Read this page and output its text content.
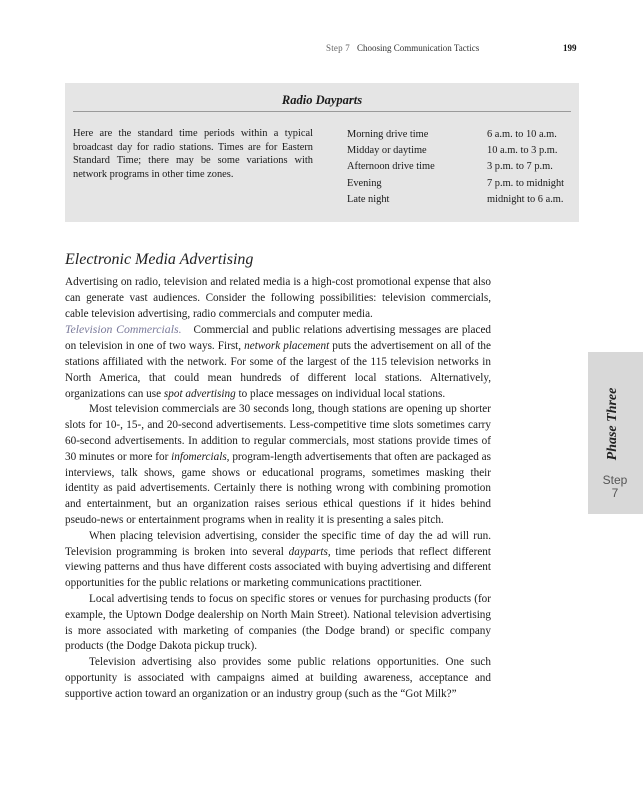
Step 7 Choosing Communication Tactics	199
Radio Dayparts
Here are the standard time periods within a typical broadcast day for radio stations. Times are for Eastern Standard Time; there may be some variations with network programs in other time zones.
Morning drive time	6 a.m. to 10 a.m.
Midday or daytime	10 a.m. to 3 p.m.
Afternoon drive time	3 p.m. to 7 p.m.
Evening	7 p.m. to midnight
Late night	midnight to 6 a.m.
Electronic Media Advertising

Advertising on radio, television and related media is a high-cost promotional expense that also can generate vast audiences. Consider the following possibilities: television commercials, cable television advertising, radio commercials and computer media.

Television Commercials. Commercial and public relations advertising messages are placed on television in one of two ways. First, network placement puts the advertisement on all of the stations affiliated with the network. For some of the largest of the 115 television networks in North America, that could mean hundreds of different local stations. Alternatively, organizations can use spot advertising to place messages on individual local stations.

Most television commercials are 30 seconds long, though stations are opening up shorter slots for 10-, 15-, and 20-second advertisements. Less-competitive time slots sometimes carry 60-second advertisements. In addition to regular commercials, most stations provide times of 30 minutes or more for infomercials, program-length advertisements that often are packaged as interviews, talk shows, game shows or educational programs, sometimes masking their identity as paid advertisements. Certainly there is nothing wrong with combining promotion and entertainment, but an organization raises serious ethical questions if it hides behind pseudo-news or entertainment programs when in reality it is presenting a sales pitch.

When placing television advertising, consider the specific time of day the ad will run. Television programming is broken into several dayparts, time periods that reflect different viewing patterns and thus have different costs associated with buying advertising and different opportunities for the public relations or marketing communications practitioner.

Local advertising tends to focus on specific stores or venues for purchasing products (for example, the Uptown Dodge dealership on North Main Street). National television advertising is more associated with marketing of companies (the Dodge brand) or specific company products (the Dodge Dakota pickup truck).

Television advertising also provides some public relations opportunities. One such opportunity is associated with campaigns aimed at building awareness, acceptance and supportive action toward an organization or an industry group (such as the “Got Milk?”

Phase Three
Step
7
